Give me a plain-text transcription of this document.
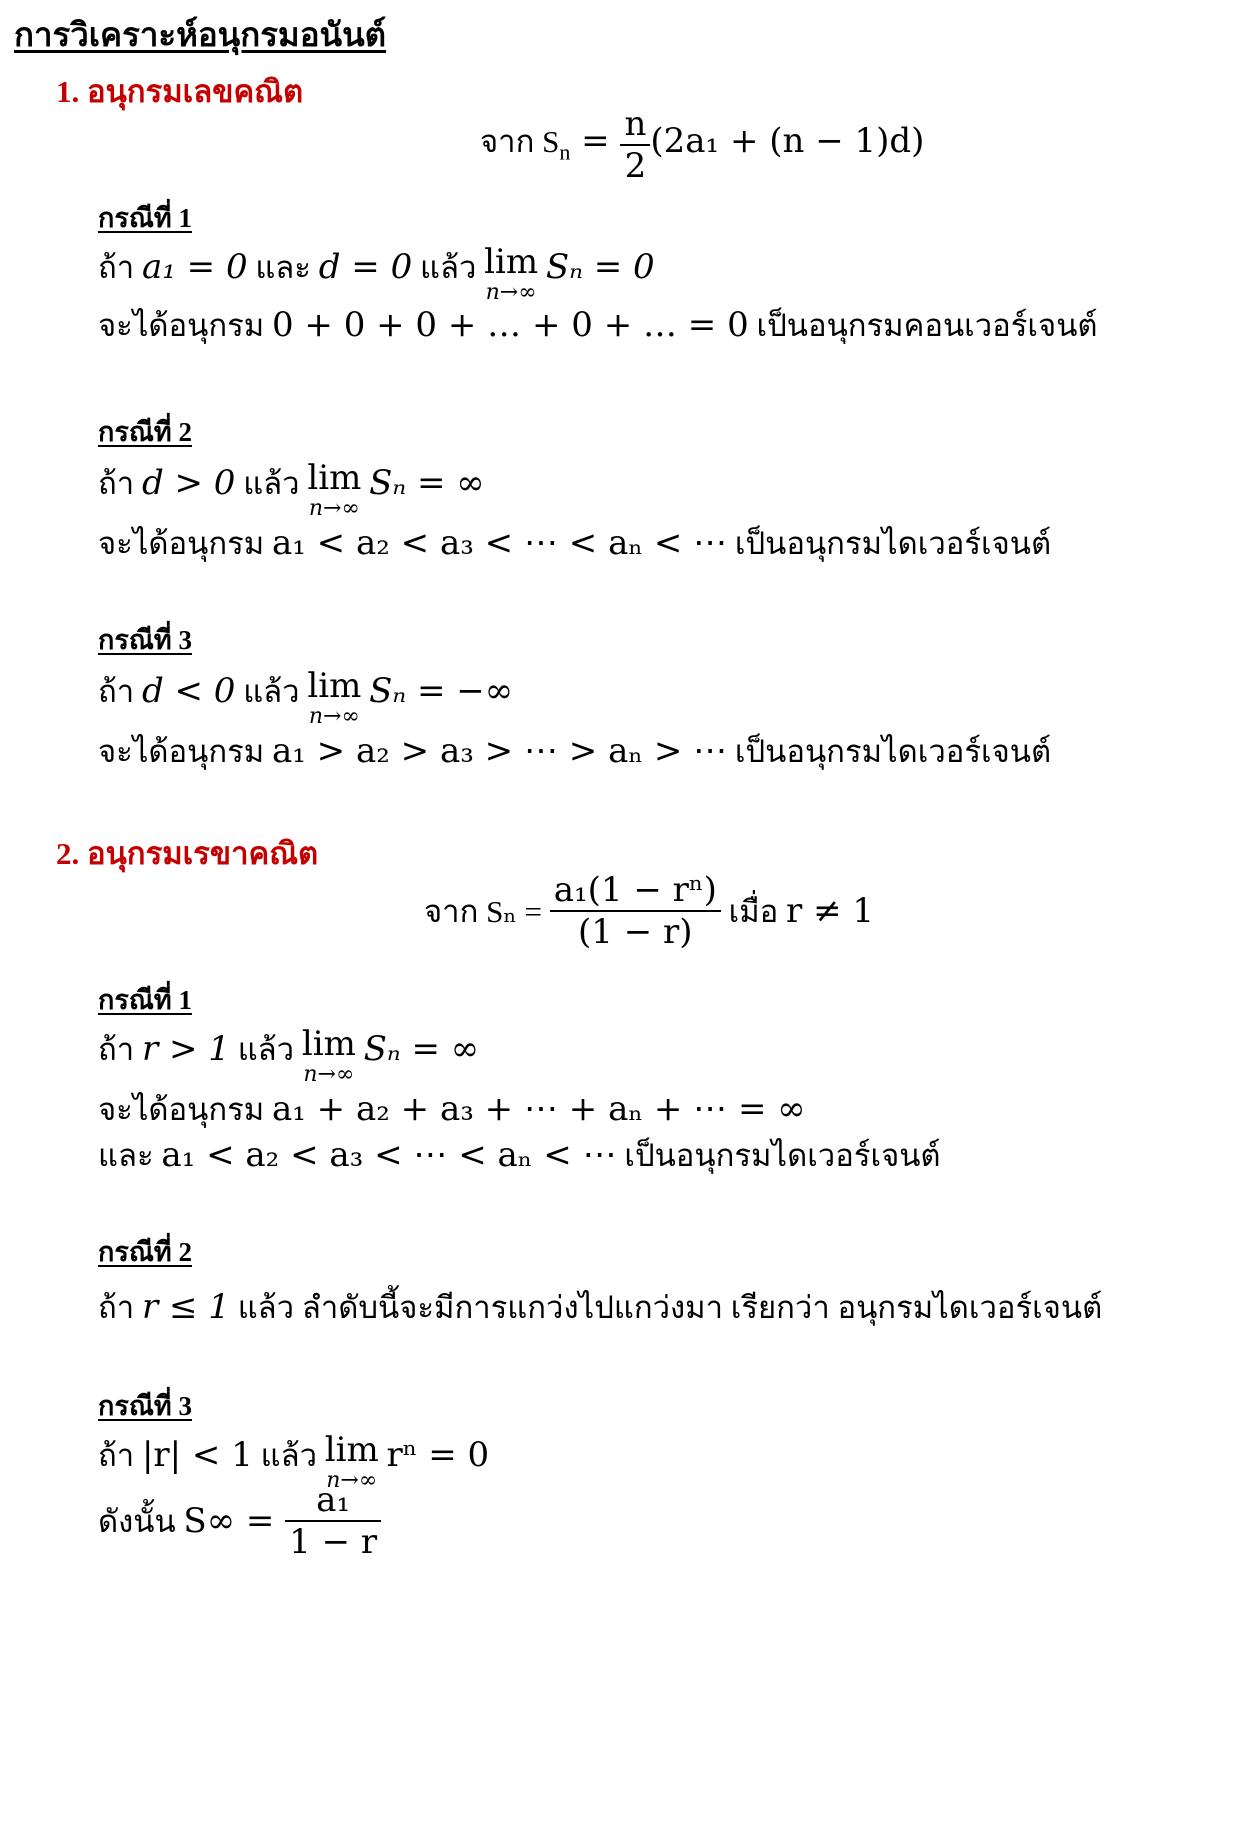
การวิเคราะห์อนุกรมอนันต์
1. อนุกรมเลขคณิต
จาก $S_n = \frac{n}{2} (2a_1 + (n - 1)d)$
กรณีที่ 1
ถ้า a₁ = 0 และ d = 0 แล้ว lim
n→∞
Sₙ = 0
จะได้อนุกรม 0 + 0 + 0 + … + 0 + … = 0 เป็นอนุกรมคอนเวอร์เจนต์
กรณีที่ 2
ถ้า d > 0 แล้ว lim
n→∞
Sₙ = ∞
จะได้อนุกรม a₁ < a₂ < a₃ < ⋯ < aₙ < ⋯ เป็นอนุกรมไดเวอร์เจนต์
กรณีที่ 3
ถ้า d < 0 แล้ว lim
n→∞
Sₙ = −∞
จะได้อนุกรม a₁ > a₂ > a₃ > ⋯ > aₙ > ⋯ เป็นอนุกรมไดเวอร์เจนต์
2. อนุกรมเรขาคณิต
จาก $S_n = \frac{\text{a₁(1 − rⁿ)}}{(1 - r)}$ เมื่อ r ≠ 1
กรณีที่ 1
ถ้า r > 1 แล้ว lim
n→∞
Sₙ = ∞
จะได้อนุกรม a₁ + a₂ + a₃ + ⋯ + aₙ + ⋯ = ∞
และ a₁ < a₂ < a₃ < ⋯ < aₙ < ⋯ เป็นอนุกรมไดเวอร์เจนต์
กรณีที่ 2
ถ้า r ≤ 1 แล้ว ลำดับนี้จะมีการแกว่งไปแกว่งมา เรียกว่า อนุกรมไดเวอร์เจนต์
กรณีที่ 3
ถ้า |r| < 1 แล้ว lim
n→∞
rⁿ = 0
ดังนั้น $S\infty = \frac{\text{a₁}}{1 - r}$
